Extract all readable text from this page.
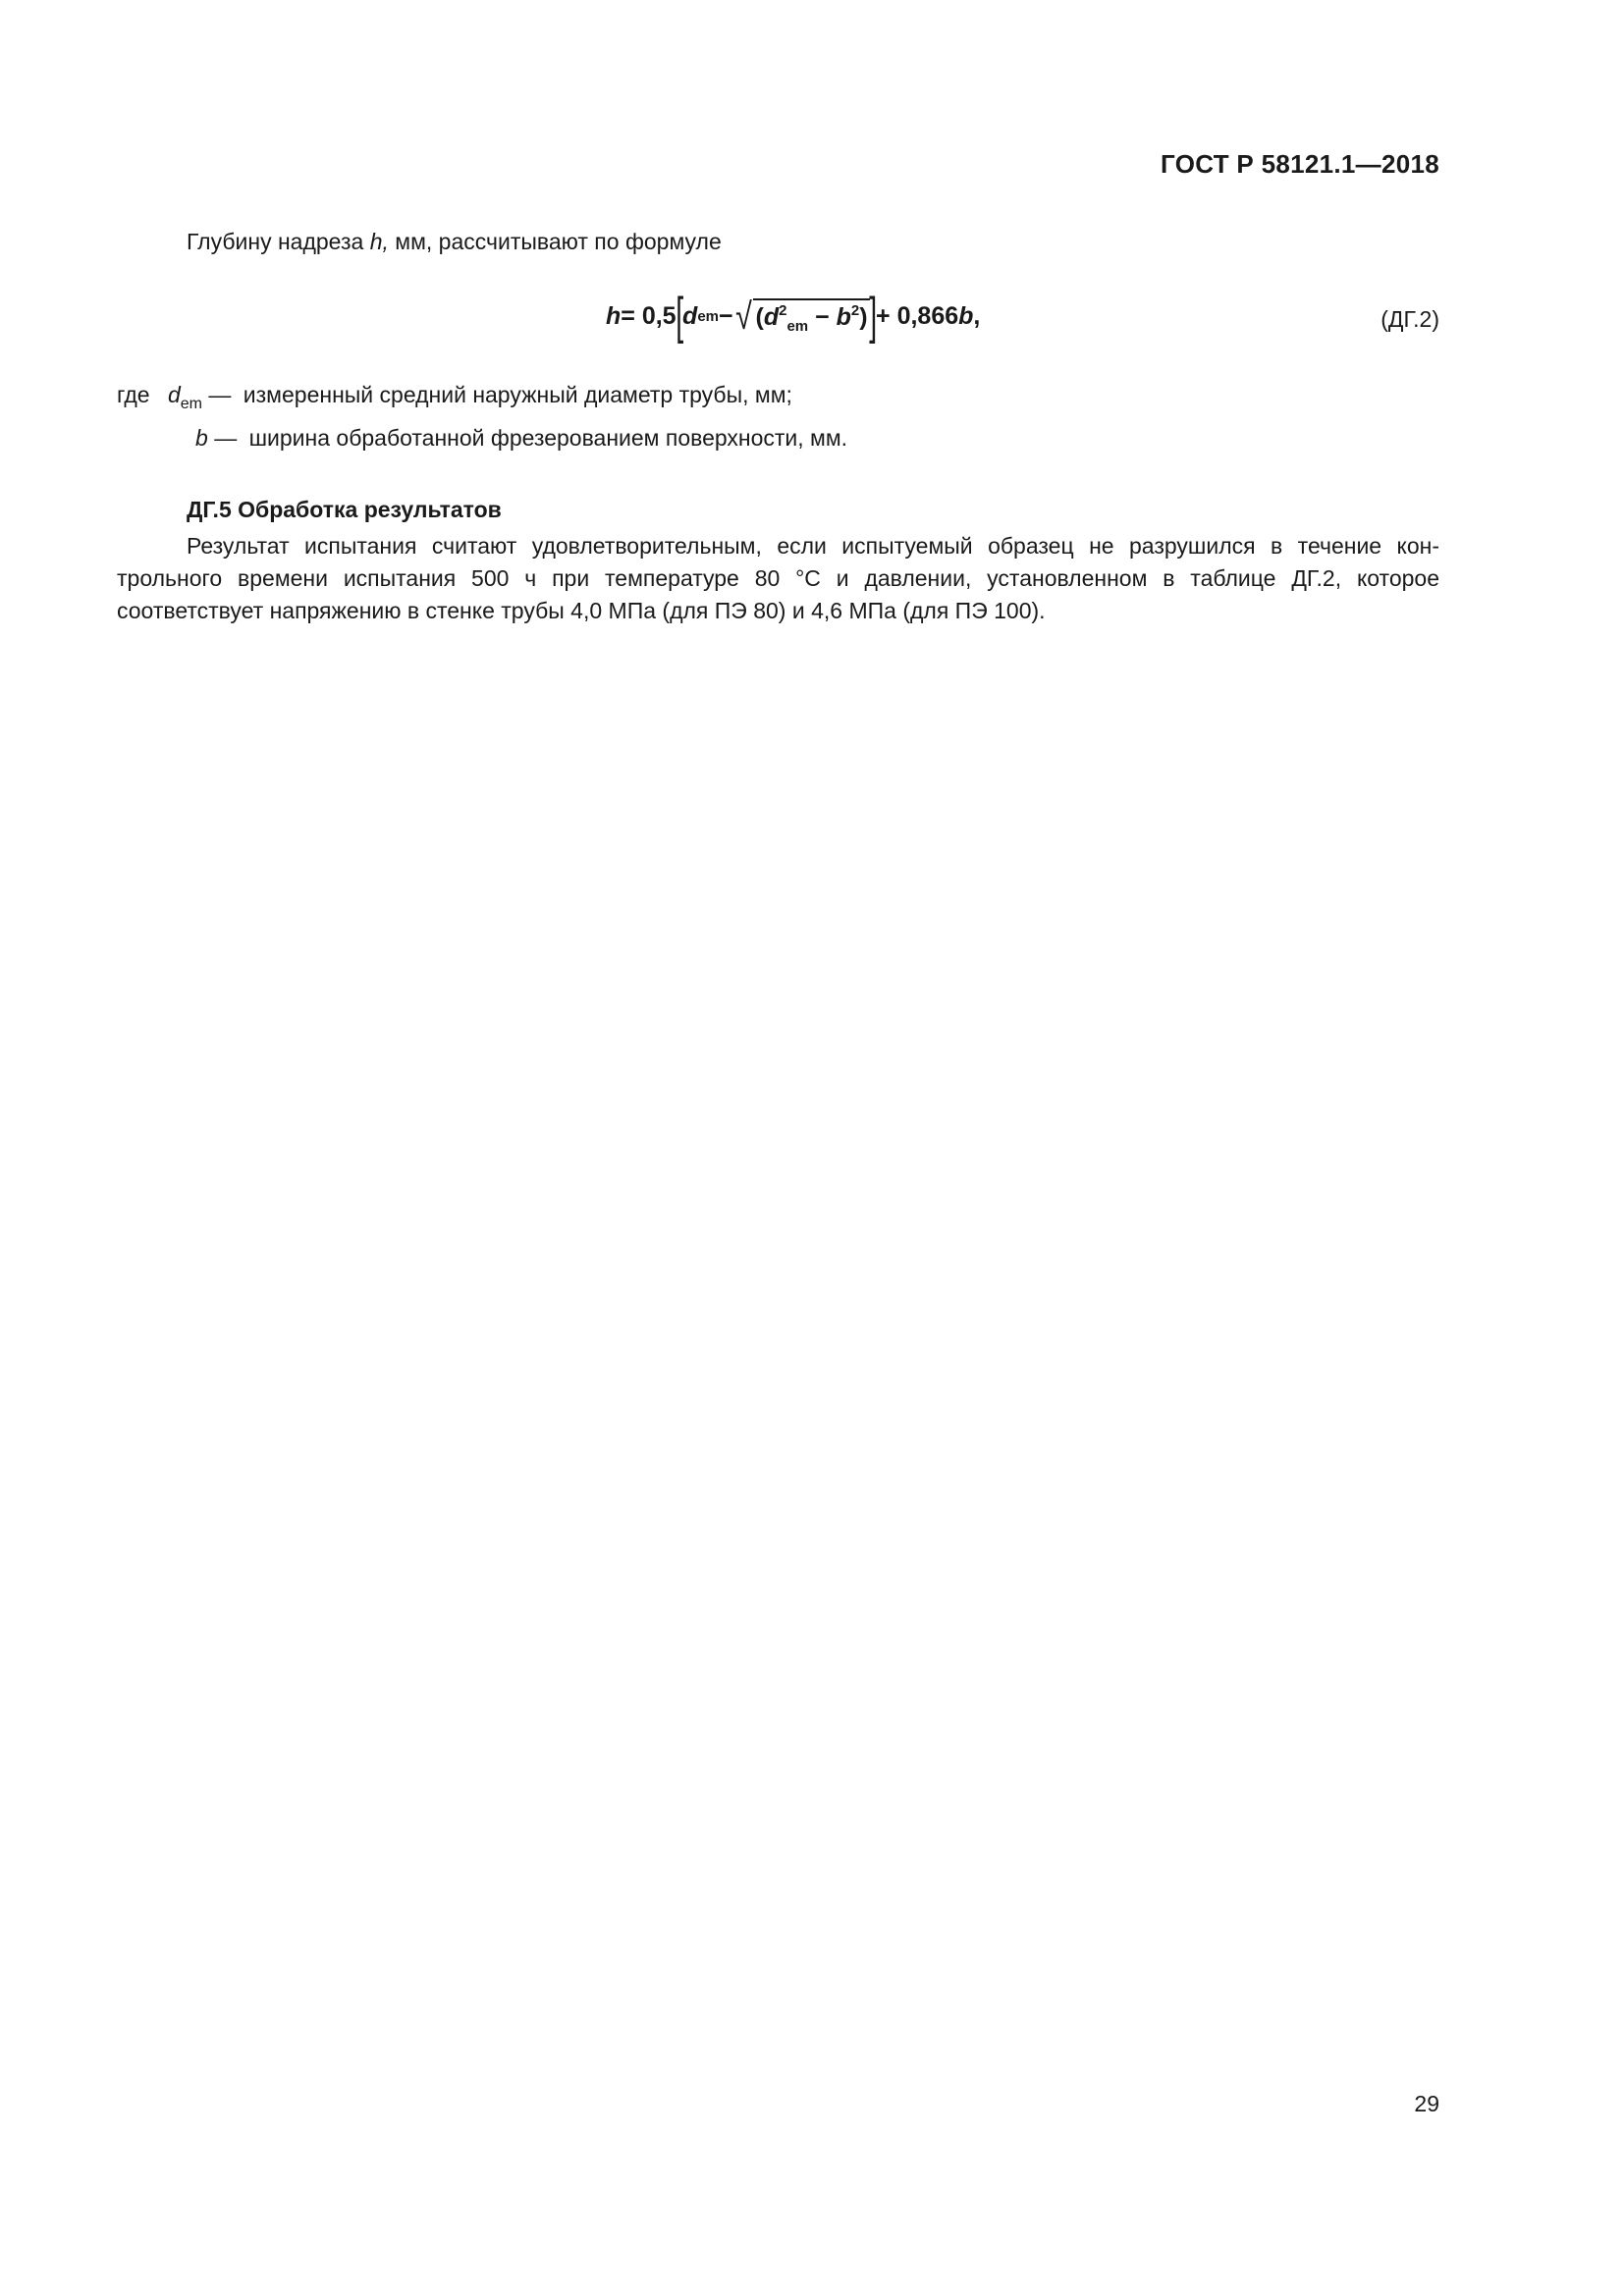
ГОСТ Р 58121.1—2018
Глубину надреза h, мм, рассчитывают по формуле
h = 0,5 [ d em − √ $(d^2_{em} - b^2)$ ] + 0,866 b ,	(ДГ.2)
где $d_{em}$ — измеренный средний наружный диаметр трубы, мм;
b — ширина обработанной фрезерованием поверхности, мм.
ДГ.5 Обработка результатов

Результат испытания считают удовлетворительным, если испытуемый образец не разрушился в течение кон-трольного времени испытания 500 ч при температуре 80 °С и давлении, установленном в таблице ДГ.2, которое соответствует напряжению в стенке трубы 4,0 МПа (для ПЭ 80) и 4,6 МПа (для ПЭ 100).

29
